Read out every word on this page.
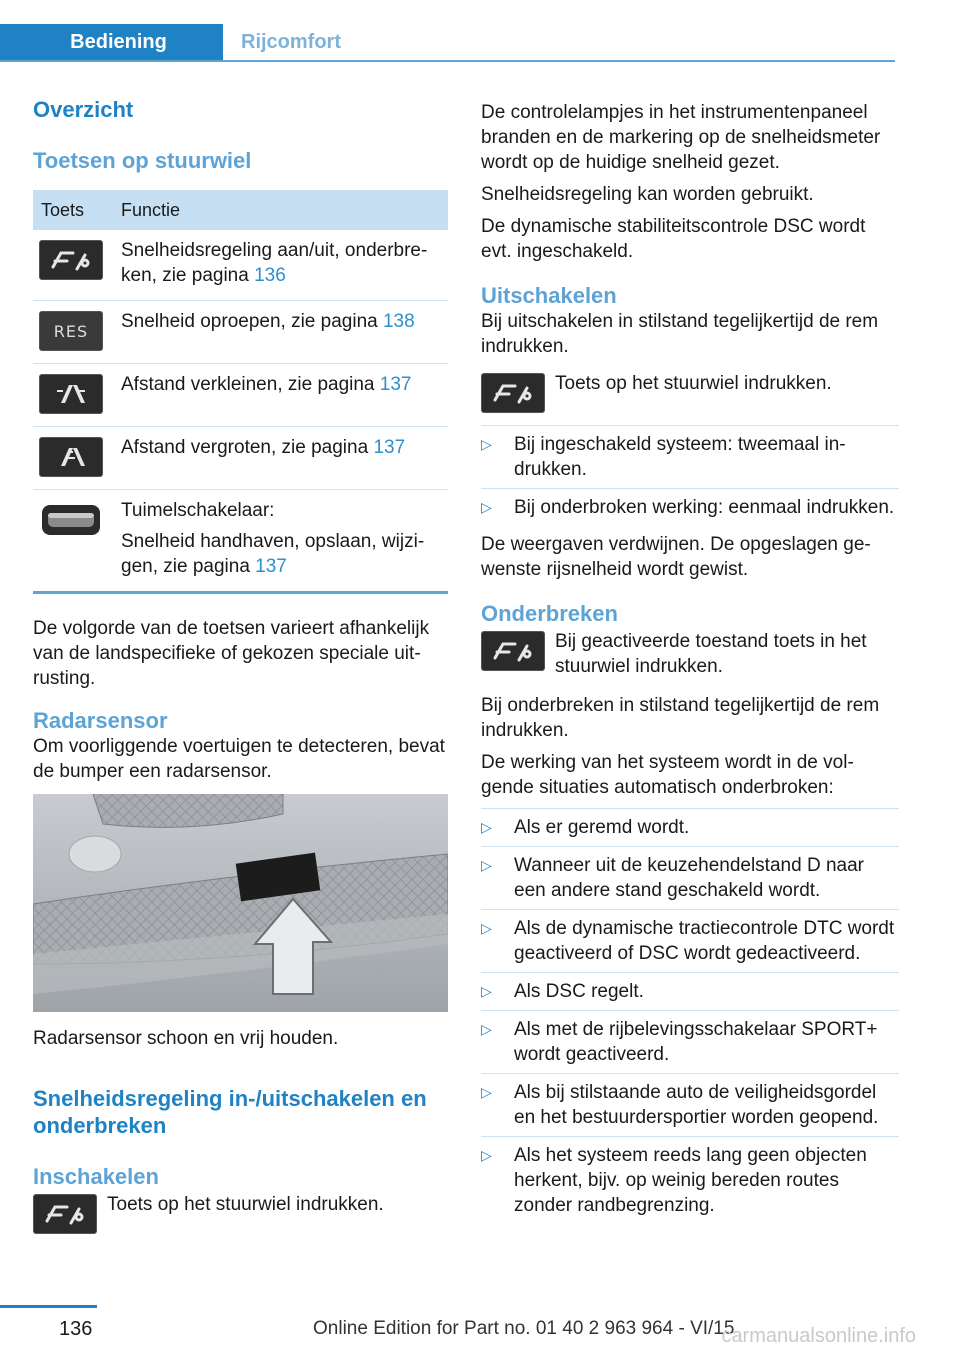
Bediening	Rijcomfort
Overzicht
Toetsen op stuurwiel
Toets	Functie

	Snelheidsregeling aan/uit, onderbreken, zie pagina 136

RES	Snelheid oproepen, zie pagina 138

	Afstand verkleinen, zie pagina 137

	Afstand vergroten, zie pagina 137

Tuimelschakelaar:

Snelheid handhaven, opslaan, wijzigen, zie pagina 137

De volgorde van de toetsen varieert afhankelijk van de landspecifieke of gekozen speciale uitrusting.

Radarsensor

Om voorliggende voertuigen te detecteren, bevat de bumper een radarsensor.

Radarsensor schoon en vrij houden.

Snelheidsregeling in-/uitschakelen en onderbreken
Inschakelen

Toets op het stuurwiel indrukken.

De controlelampjes in het instrumentenpaneel branden en de markering op de snelheidsmeter wordt op de huidige snelheid gezet.

Snelheidsregeling kan worden gebruikt.

De dynamische stabiliteitscontrole DSC wordt evt. ingeschakeld.

Uitschakelen

Bij uitschakelen in stilstand tegelijkertijd de rem indrukken.

Toets op het stuurwiel indrukken.

▷ Bij ingeschakeld systeem: tweemaal indrukken.
▷ Bij onderbroken werking: eenmaal indrukken.

De weergaven verdwijnen. De opgeslagen gewenste rijsnelheid wordt gewist.

Onderbreken

Bij geactiveerde toestand toets in het stuurwiel indrukken.

Bij onderbreken in stilstand tegelijkertijd de rem indrukken.

De werking van het systeem wordt in de volgende situaties automatisch onderbroken:

▷ Als er geremd wordt.
▷ Wanneer uit de keuzehendelstand D naar een andere stand geschakeld wordt.
▷ Als de dynamische tractiecontrole DTC wordt geactiveerd of DSC wordt gedeactiveerd.
▷ Als DSC regelt.
▷ Als met de rijbelevingsschakelaar SPORT+ wordt geactiveerd.
▷ Als bij stilstaande auto de veiligheidsgordel en het bestuurdersportier worden geopend.
▷ Als het systeem reeds lang geen objecten herkent, bijv. op weinig bereden routes zonder randbegrenzing.
136	Online Edition for Part no. 01 40 2 963 964 - VI/15
carmanualsonline.info
